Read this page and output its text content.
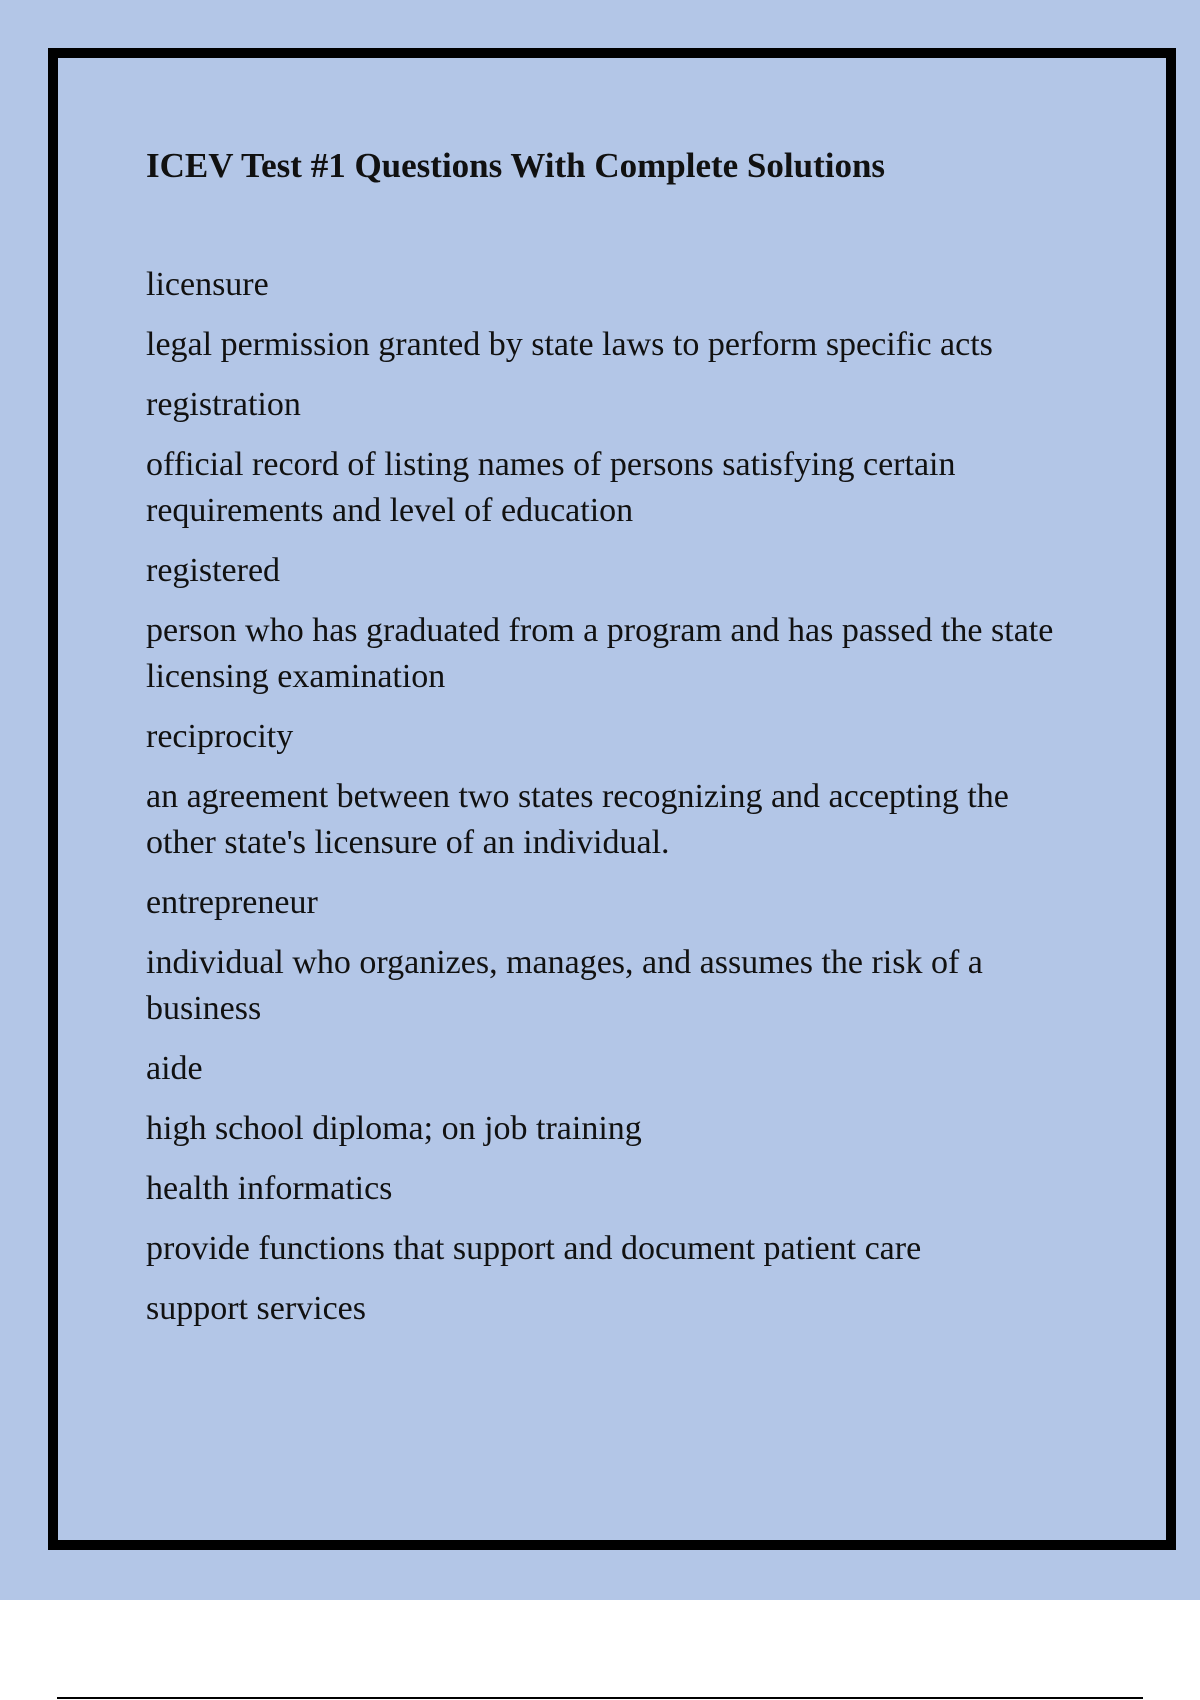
ICEV Test #1 Questions With Complete Solutions
licensure
legal permission granted by state laws to perform specific acts
registration
official record of listing names of persons satisfying certain requirements and level of education
registered
person who has graduated from a program and has passed the state licensing examination
reciprocity
an agreement between two states recognizing and accepting the other state's licensure of an individual.
entrepreneur
individual who organizes, manages, and assumes the risk of a business
aide
high school diploma; on job training
health informatics
provide functions that support and document patient care
support services
